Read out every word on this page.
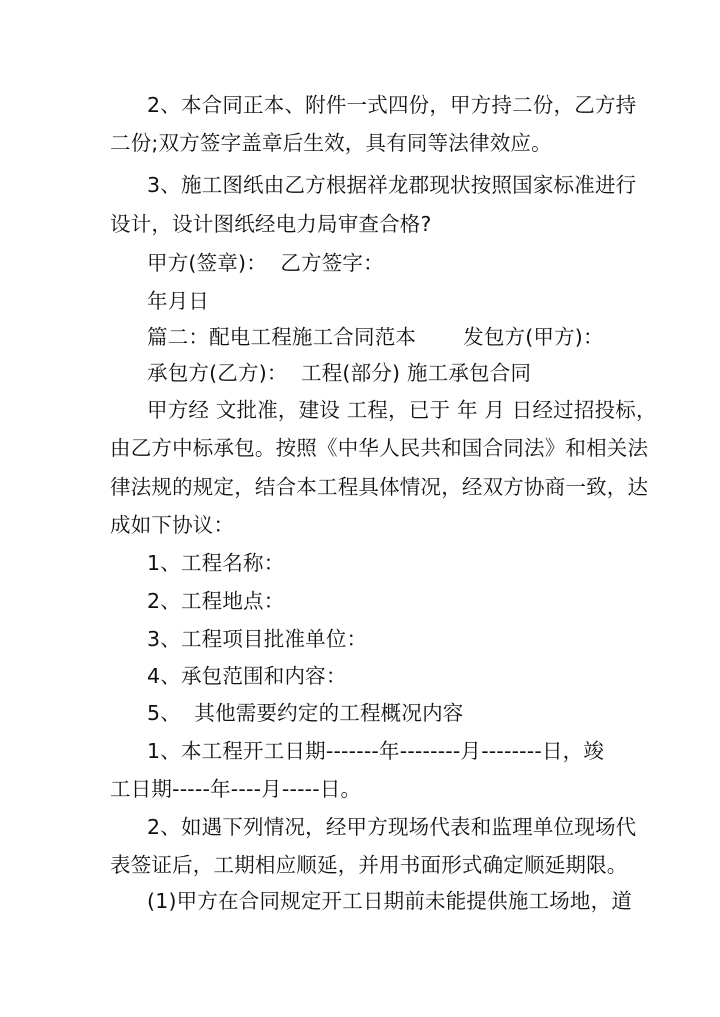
2、本合同正本、附件一式四份，甲方持二份，乙方持
二份;双方签字盖章后生效，具有同等法律效应。
3、施工图纸由乙方根据祥龙郡现状按照国家标准进行
设计，设计图纸经电力局审查合格?
甲方(签章)：  乙方签字：
年月日
篇二：配电工程施工合同范本       发包方(甲方)：
承包方(乙方)：  工程(部分) 施工承包合同
甲方经 文批准，建设 工程，已于 年 月 日经过招投标，
由乙方中标承包。按照《中华人民共和国合同法》和相关法
律法规的规定，结合本工程具体情况，经双方协商一致，达
成如下协议：
1、工程名称：
2、工程地点：
3、工程项目批准单位：
4、承包范围和内容：
5、  其他需要约定的工程概况内容
1、本工程开工日期-------年--------月--------日，竣
工日期-----年----月-----日。
2、如遇下列情况，经甲方现场代表和监理单位现场代
表签证后，工期相应顺延，并用书面形式确定顺延期限。
(1)甲方在合同规定开工日期前未能提供施工场地，道
